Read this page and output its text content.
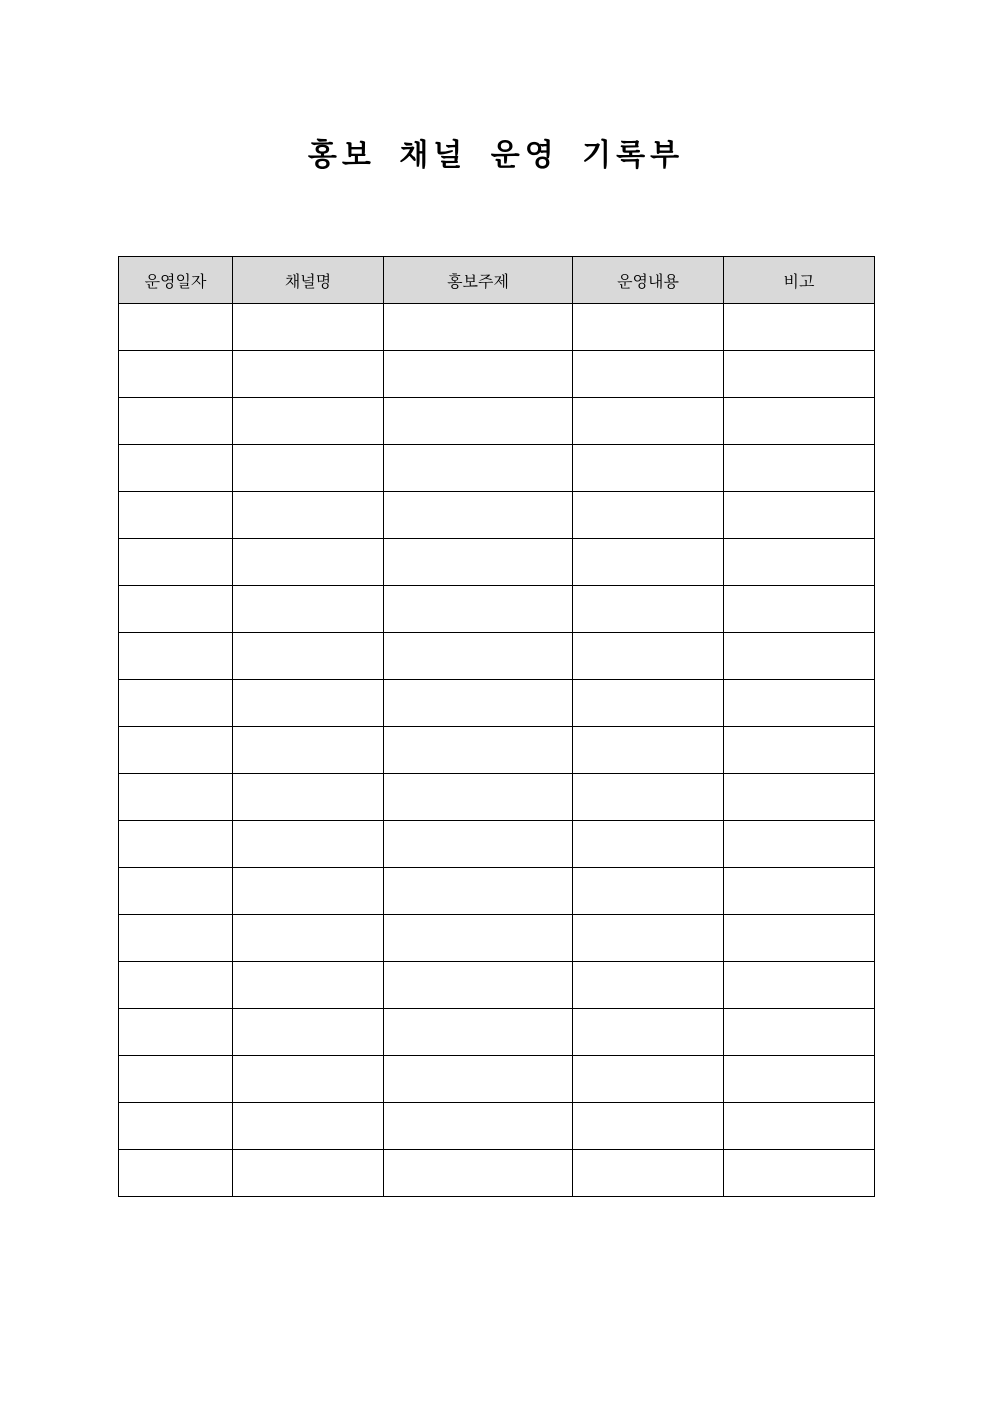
홍보 채널 운영 기록부
운영일자	채널명	홍보주제	운영내용	비고
